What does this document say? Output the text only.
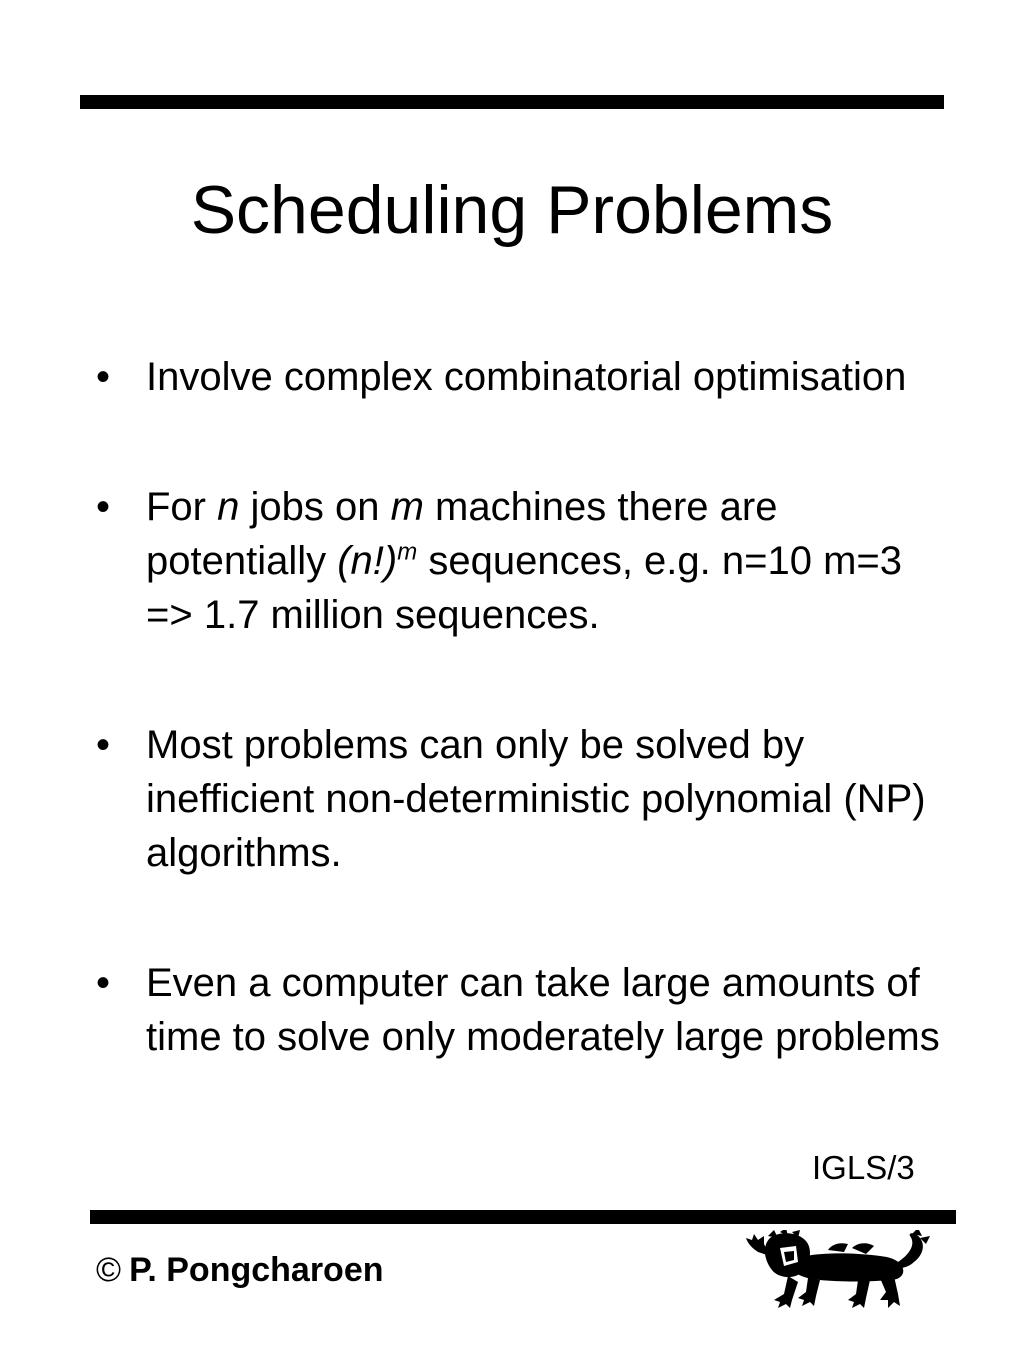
Scheduling Problems
• Involve complex combinatorial optimisation
• For n jobs on m machines there are potentially $(n!)^m$ sequences, e.g. n=10 m=3 => 1.7 million sequences.
• Most problems can only be solved by inefficient non-deterministic polynomial (NP) algorithms.
• Even a computer can take large amounts of time to solve only moderately large problems
IGLS/3
© P. Pongcharoen
